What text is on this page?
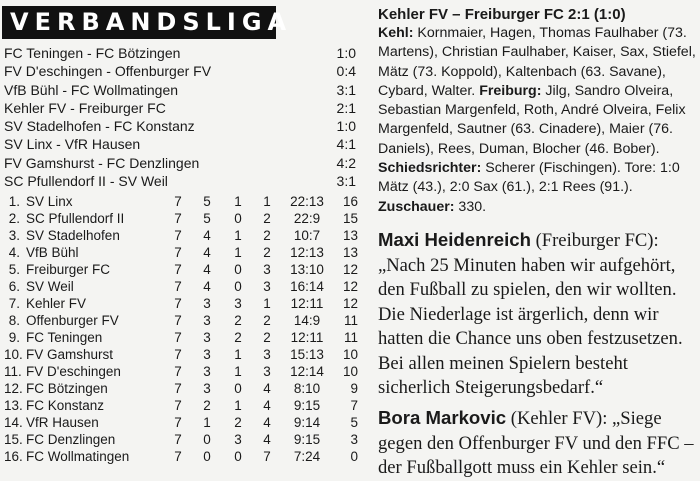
VERBANDSLIGA
FC Teningen - FC Bötzingen	1:0
FV D'eschingen - Offenburger FV	0:4
VfB Bühl - FC Wollmatingen	3:1
Kehler FV - Freiburger FC	2:1
SV Stadelhofen - FC Konstanz	1:0
SV Linx - VfR Hausen	4:1
FV Gamshurst - FC Denzlingen	4:2
SC Pfullendorf II - SV Weil	3:1
1. SV Linx	7 5 1 1	22:13	16
2. SC Pfullendorf II	7 5 0 2	22:9	15
3. SV Stadelhofen	7 4 1 2	10:7	13
4. VfB Bühl	7 4 1 2	12:13	13
5. Freiburger FC	7 4 0 3	13:10	12
6. SV Weil	7 4 0 3	16:14	12
7. Kehler FV	7 3 3 1	12:11	12
8. Offenburger FV	7 3 2 2	14:9	11
9. FC Teningen	7 3 2 2	12:11	11
10. FV Gamshurst	7 3 1 3	15:13	10
11. FV D'eschingen	7 3 1 3	12:14	10
12. FC Bötzingen	7 3 0 4	8:10	9
13. FC Konstanz	7 2 1 4	9:15	7
14. VfR Hausen	7 1 2 4	9:14	5
15. FC Denzlingen	7 0 3 4	9:15	3
16. FC Wollmatingen	7 0 0 7	7:24	0
Kehler FV – Freiburger FC 2:1 (1:0)

Kehl: Kornmaier, Hagen, Thomas Faulhaber (73. Martens), Christian Faulhaber, Kaiser, Sax, Stiefel, Mätz (73. Koppold), Kaltenbach (63. Savane), Cybard, Walter. Freiburg: Jilg, Sandro Olveira, Sebastian Margenfeld, Roth, André Olveira, Felix Margenfeld, Sautner (63. Cinadere), Maier (76. Daniels), Rees, Duman, Blocher (46. Bober). Schiedsrichter: Scherer (Fischingen). Tore: 1:0 Mätz (43.), 2:0 Sax (61.), 2:1 Rees (91.). Zuschauer: 330.

Maxi Heidenreich (Freiburger FC): „Nach 25 Minuten haben wir aufgehört, den Fußball zu spielen, den wir wollten. Die Niederlage ist ärgerlich, denn wir hatten die Chance uns oben festzusetzen. Bei allen meinen Spielern besteht sicherlich Steigerungsbedarf.“
Bora Markovic (Kehler FV): „Siege gegen den Offenburger FV und den FFC – der Fußballgott muss ein Kehler sein.“
